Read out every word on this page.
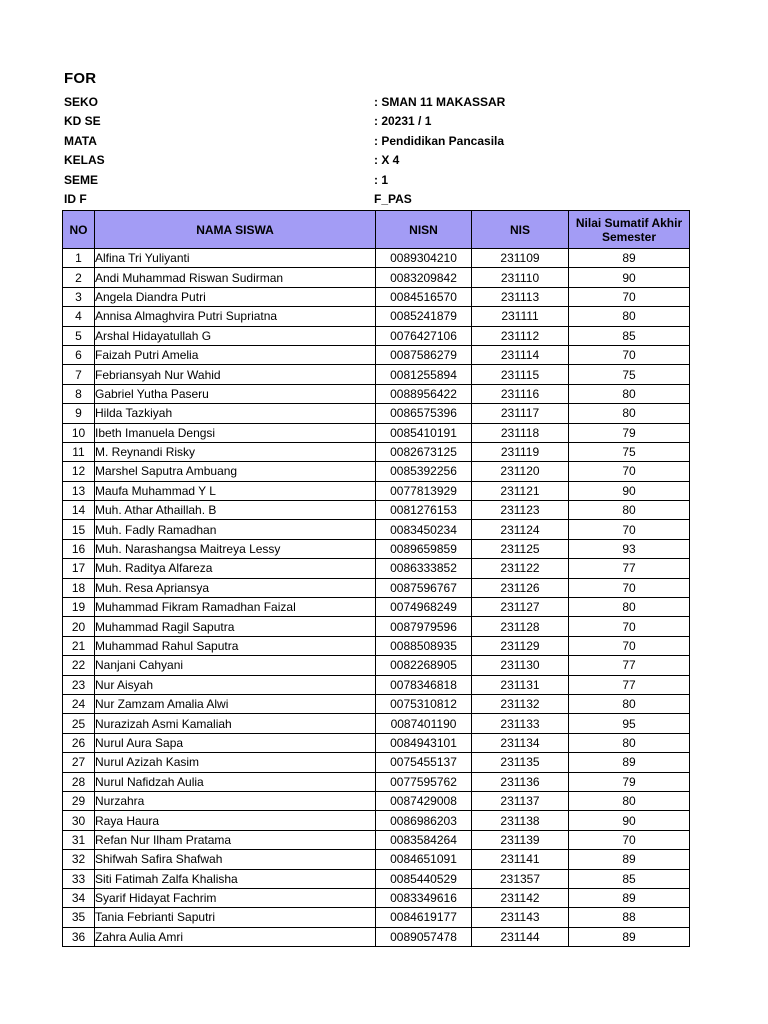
FOR
SEKO	: SMAN 11 MAKASSAR
KD SE	: 20231 / 1
MATA	: Pendidikan Pancasila
KELAS	: X 4
SEME	: 1
ID F	F_PAS
NO	NAMA SISWA	NISN	NIS	Nilai Sumatif Akhir Semester
1	Alfina Tri Yuliyanti	0089304210	231109	89
2	Andi Muhammad Riswan Sudirman	0083209842	231110	90
3	Angela Diandra Putri	0084516570	231113	70
4	Annisa Almaghvira Putri Supriatna	0085241879	231111	80
5	Arshal Hidayatullah G	0076427106	231112	85
6	Faizah Putri Amelia	0087586279	231114	70
7	Febriansyah Nur Wahid	0081255894	231115	75
8	Gabriel Yutha Paseru	0088956422	231116	80
9	Hilda Tazkiyah	0086575396	231117	80
10	Ibeth Imanuela Dengsi	0085410191	231118	79
11	M. Reynandi Risky	0082673125	231119	75
12	Marshel Saputra Ambuang	0085392256	231120	70
13	Maufa Muhammad Y L	0077813929	231121	90
14	Muh. Athar Athaillah. B	0081276153	231123	80
15	Muh. Fadly Ramadhan	0083450234	231124	70
16	Muh. Narashangsa Maitreya Lessy	0089659859	231125	93
17	Muh. Raditya Alfareza	0086333852	231122	77
18	Muh. Resa Apriansya	0087596767	231126	70
19	Muhammad Fikram Ramadhan Faizal	0074968249	231127	80
20	Muhammad Ragil Saputra	0087979596	231128	70
21	Muhammad Rahul Saputra	0088508935	231129	70
22	Nanjani Cahyani	0082268905	231130	77
23	Nur Aisyah	0078346818	231131	77
24	Nur Zamzam Amalia Alwi	0075310812	231132	80
25	Nurazizah Asmi Kamaliah	0087401190	231133	95
26	Nurul Aura Sapa	0084943101	231134	80
27	Nurul Azizah Kasim	0075455137	231135	89
28	Nurul Nafidzah Aulia	0077595762	231136	79
29	Nurzahra	0087429008	231137	80
30	Raya Haura	0086986203	231138	90
31	Refan Nur Ilham Pratama	0083584264	231139	70
32	Shifwah Safira Shafwah	0084651091	231141	89
33	Siti Fatimah Zalfa Khalisha	0085440529	231357	85
34	Syarif Hidayat Fachrim	0083349616	231142	89
35	Tania Febrianti Saputri	0084619177	231143	88
36	Zahra Aulia Amri	0089057478	231144	89
